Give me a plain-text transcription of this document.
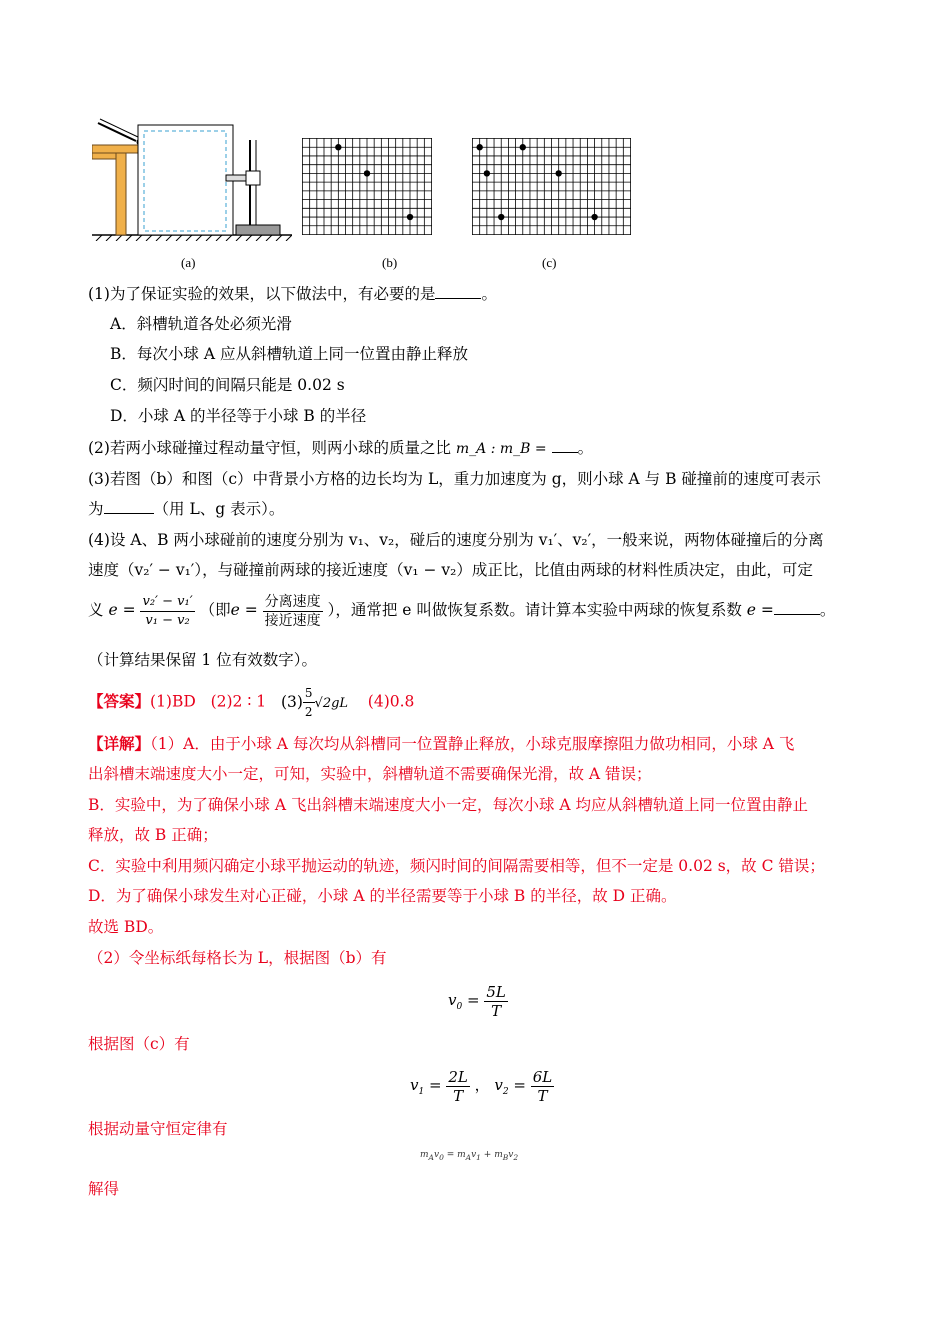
(a)	(b)	(c)
(1)为了保证实验的效果，以下做法中，有必要的是	。
A．斜槽轨道各处必须光滑
B．每次小球 A 应从斜槽轨道上同一位置由静止释放
C．频闪时间的间隔只能是 0.02 s
D．小球 A 的半径等于小球 B 的半径
(2)若两小球碰撞过程动量守恒，则两小球的质量之比 m_A : m_B = 。
(3)若图（b）和图（c）中背景小方格的边长均为 L，重力加速度为 g，则小球 A 与 B 碰撞前的速度可表示
为	（用 L、g 表示）。
(4)设 A、B 两小球碰前的速度分别为 v₁、v₂，碰后的速度分别为 v₁′、v₂′，一般来说，两物体碰撞后的分离
速度（v₂′ − v₁′），与碰撞前两球的接近速度（v₁ − v₂）成正比，比值由两球的材料性质决定，由此，可定
义 $e = \frac{\text{v₂′ − v₁′}}{\text{v₁ − v₂}}$ （即$e = \frac{\text{分离速度}}{\text{接近速度}}$ ），通常把 e 叫做恢复系数。请计算本实验中两球的恢复系数 e =	。
（计算结果保留 1 位有效数字）。
【答案】(1)BD (2)2 ∶ 1 $(3) \frac{5}{2} √2gL$ (4)0.8
【详解】（1）A．由于小球 A 每次均从斜槽同一位置静止释放，小球克服摩擦阻力做功相同，小球 A 飞
出斜槽末端速度大小一定，可知，实验中，斜槽轨道不需要确保光滑，故 A 错误；
B．实验中，为了确保小球 A 飞出斜槽末端速度大小一定，每次小球 A 均应从斜槽轨道上同一位置由静止
释放，故 B 正确；
C．实验中利用频闪确定小球平抛运动的轨迹，频闪时间的间隔需要相等，但不一定是 0.02 s，故 C 错误；
D．为了确保小球发生对心正碰，小球 A 的半径需要等于小球 B 的半径，故 D 正确。
故选 BD。
（2）令坐标纸每格长为 L，根据图（b）有
$v_0 = \frac{5L}{T}$
根据图（c）有
$v_1 = \frac{2L}{T}$ ， $v_2 = \frac{6L}{T}$
根据动量守恒定律有
$m_Av_0 = m_Av_1 + m_Bv_2$
解得
